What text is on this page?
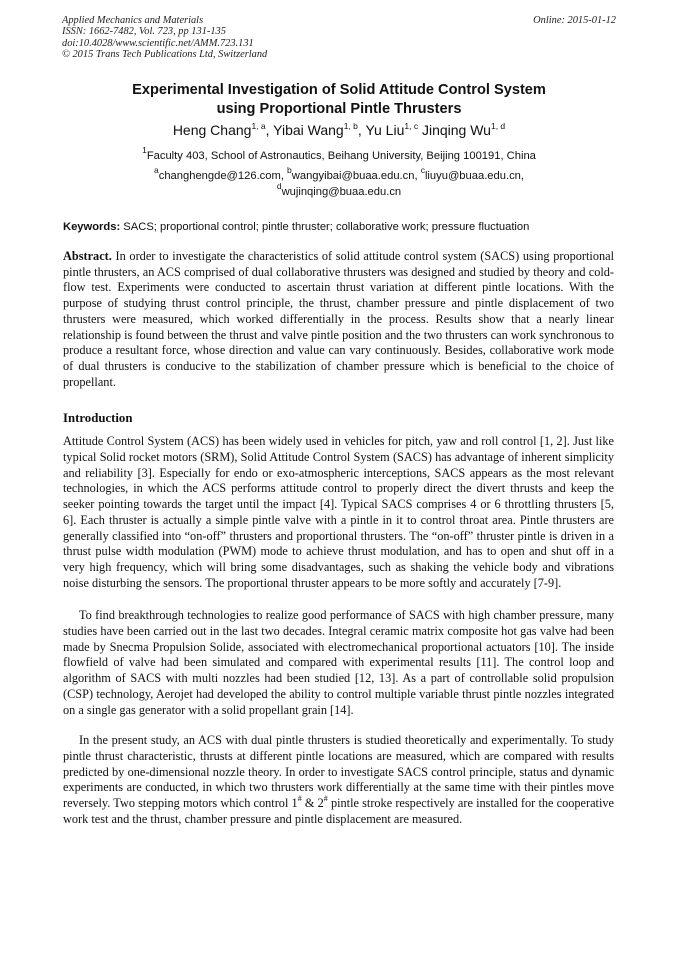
Applied Mechanics and Materials
ISSN: 1662-7482, Vol. 723, pp 131-135
doi:10.4028/www.scientific.net/AMM.723.131
© 2015 Trans Tech Publications Ltd, Switzerland
Online: 2015-01-12
Experimental Investigation of Solid Attitude Control System
using Proportional Pintle Thrusters
Heng Chang$^{1, a}$, Yibai Wang$^{1, b}$, Yu Liu$^{1, c}$ Jinqing Wu$^{1, d}$
$^1$Faculty 403, School of Astronautics, Beihang University, Beijing 100191, China
$^a$changhengde@126.com, $^b$wangyibai@buaa.edu.cn, $^c$liuyu@buaa.edu.cn,
$^d$wujinqing@buaa.edu.cn
Keywords: SACS; proportional control; pintle thruster; collaborative work; pressure fluctuation

Abstract. In order to investigate the characteristics of solid attitude control system (SACS) using proportional pintle thrusters, an ACS comprised of dual collaborative thrusters was designed and studied by theory and cold-flow test. Experiments were conducted to ascertain thrust variation at different pintle locations. With the purpose of studying thrust control principle, the thrust, chamber pressure and pintle displacement of two thrusters were measured, which worked differentially in the process. Results show that a nearly linear relationship is found between the thrust and valve pintle position and the two thrusters can work synchronous to produce a resultant force, whose direction and value can vary continuously. Besides, collaborative work mode of dual thrusters is conducive to the stabilization of chamber pressure which is beneficial to the choice of propellant.

Introduction

Attitude Control System (ACS) has been widely used in vehicles for pitch, yaw and roll control [1, 2]. Just like typical Solid rocket motors (SRM), Solid Attitude Control System (SACS) has advantage of inherent simplicity and reliability [3]. Especially for endo or exo-atmospheric interceptions, SACS appears as the most relevant technologies, in which the ACS performs attitude control to properly direct the divert thrusts and keep the seeker pointing towards the target until the impact [4]. Typical SACS comprises 4 or 6 throttling thrusters [5, 6]. Each thruster is actually a simple pintle valve with a pintle in it to control throat area. Pintle thrusters are generally classified into “on-off” thrusters and proportional thrusters. The “on-off” thruster pintle is driven in a thrust pulse width modulation (PWM) mode to achieve thrust modulation, and has to open and shut off in a very high frequency, which will bring some disadvantages, such as shaking the vehicle body and vibrations noise disturbing the sensors. The proportional thruster appears to be more softly and accurately [7-9].

To find breakthrough technologies to realize good performance of SACS with high chamber pressure, many studies have been carried out in the last two decades. Integral ceramic matrix composite hot gas valve had been made by Snecma Propulsion Solide, associated with electromechanical proportional actuators [10]. The inside flowfield of valve had been simulated and compared with experimental results [11]. The control loop and algorithm of SACS with multi nozzles had been studied [12, 13]. As a part of controllable solid propulsion (CSP) technology, Aerojet had developed the ability to control multiple variable thrust pintle nozzles integrated on a single gas generator with a solid propellant grain [14].

In the present study, an ACS with dual pintle thrusters is studied theoretically and experimentally. To study pintle thrust characteristic, thrusts at different pintle locations are measured, which are compared with results predicted by one-dimensional nozzle theory. In order to investigate SACS control principle, status and dynamic experiments are conducted, in which two thrusters work differentially at the same time with their pintles move reversely. Two stepping motors which control 1# & 2# pintle stroke respectively are installed for the cooperative work test and the thrust, chamber pressure and pintle displacement are measured.
